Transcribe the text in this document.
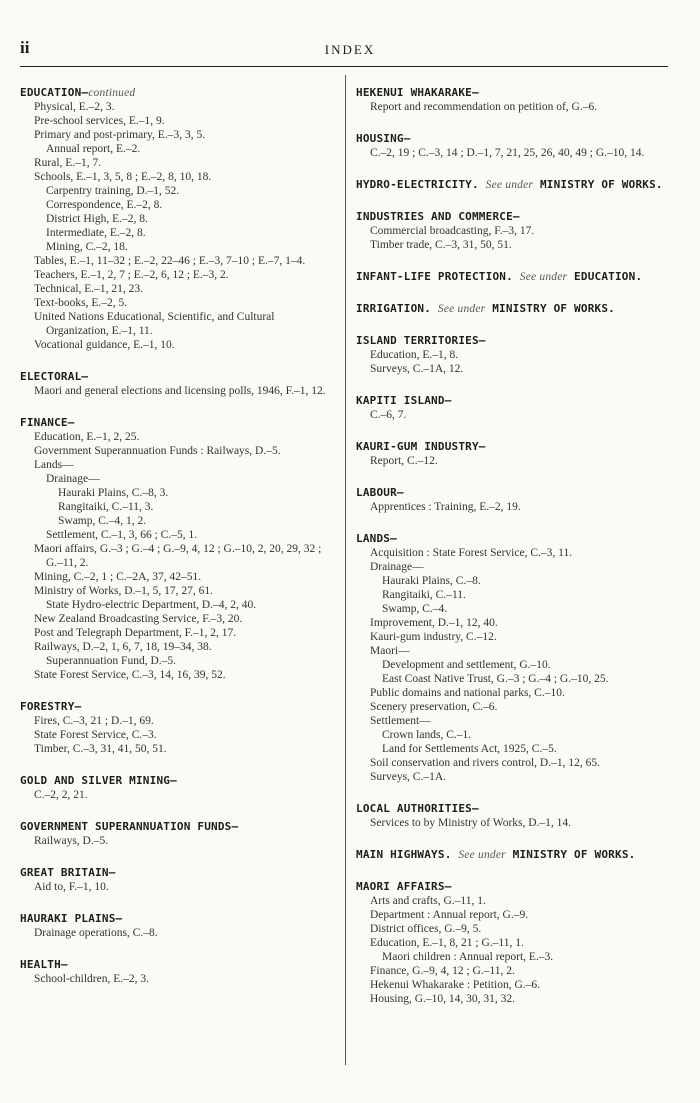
ii	INDEX
EDUCATION—continued
Physical, E.–2, 3.
Pre-school services, E.–1, 9.
Primary and post-primary, E.–3, 3, 5.
Annual report, E.–2.
Rural, E.–1, 7.
Schools, E.–1, 3, 5, 8 ; E.–2, 8, 10, 18.
Carpentry training, D.–1, 52.
Correspondence, E.–2, 8.
District High, E.–2, 8.
Intermediate, E.–2, 8.
Mining, C.–2, 18.
Tables, E.–1, 11–32 ; E.–2, 22–46 ; E.–3, 7–10 ; E.–7, 1–4.
Teachers, E.–1, 2, 7 ; E.–2, 6, 12 ; E.–3, 2.
Technical, E.–1, 21, 23.
Text-books, E.–2, 5.
United Nations Educational, Scientific, and Cultural Organization, E.–1, 11.
Vocational guidance, E.–1, 10.
ELECTORAL—
Maori and general elections and licensing polls, 1946, F.–1, 12.
FINANCE—
Education, E.–1, 2, 25.
Government Superannuation Funds : Railways, D.–5.
Lands—
Drainage—
Hauraki Plains, C.–8, 3.
Rangitaiki, C.–11, 3.
Swamp, C.–4, 1, 2.
Settlement, C.–1, 3, 66 ; C.–5, 1.
Maori affairs, G.–3 ; G.–4 ; G.–9, 4, 12 ; G.–10, 2, 20, 29, 32 ; G.–11, 2.
Mining, C.–2, 1 ; C.–2A, 37, 42–51.
Ministry of Works, D.–1, 5, 17, 27, 61.
State Hydro-electric Department, D.–4, 2, 40.
New Zealand Broadcasting Service, F.–3, 20.
Post and Telegraph Department, F.–1, 2, 17.
Railways, D.–2, 1, 6, 7, 18, 19–34, 38.
Superannuation Fund, D.–5.
State Forest Service, C.–3, 14, 16, 39, 52.
FORESTRY—
Fires, C.–3, 21 ; D.–1, 69.
State Forest Service, C.–3.
Timber, C.–3, 31, 41, 50, 51.
GOLD AND SILVER MINING—
C.–2, 2, 21.
GOVERNMENT SUPERANNUATION FUNDS—
Railways, D.–5.
GREAT BRITAIN—
Aid to, F.–1, 10.
HAURAKI PLAINS—
Drainage operations, C.–8.
HEALTH—
School-children, E.–2, 3.
HEKENUI WHAKARAKE—
Report and recommendation on petition of, G.–6.
HOUSING—
C.–2, 19 ; C.–3, 14 ; D.–1, 7, 21, 25, 26, 40, 49 ; G.–10, 14.
HYDRO-ELECTRICITY. See under MINISTRY OF WORKS.
INDUSTRIES AND COMMERCE—
Commercial broadcasting, F.–3, 17.
Timber trade, C.–3, 31, 50, 51.
INFANT-LIFE PROTECTION. See under EDUCATION.
IRRIGATION. See under MINISTRY OF WORKS.
ISLAND TERRITORIES—
Education, E.–1, 8.
Surveys, C.–1A, 12.
KAPITI ISLAND—
C.–6, 7.
KAURI-GUM INDUSTRY—
Report, C.–12.
LABOUR—
Apprentices : Training, E.–2, 19.
LANDS—
Acquisition : State Forest Service, C.–3, 11.
Drainage—
Hauraki Plains, C.–8.
Rangitaiki, C.–11.
Swamp, C.–4.
Improvement, D.–1, 12, 40.
Kauri-gum industry, C.–12.
Maori—
Development and settlement, G.–10.
East Coast Native Trust, G.–3 ; G.–4 ; G.–10, 25.
Public domains and national parks, C.–10.
Scenery preservation, C.–6.
Settlement—
Crown lands, C.–1.
Land for Settlements Act, 1925, C.–5.
Soil conservation and rivers control, D.–1, 12, 65.
Surveys, C.–1A.
LOCAL AUTHORITIES—
Services to by Ministry of Works, D.–1, 14.
MAIN HIGHWAYS. See under MINISTRY OF WORKS.
MAORI AFFAIRS—
Arts and crafts, G.–11, 1.
Department : Annual report, G.–9.
District offices, G.–9, 5.
Education, E.–1, 8, 21 ; G.–11, 1.
Maori children : Annual report, E.–3.
Finance, G.–9, 4, 12 ; G.–11, 2.
Hekenui Whakarake : Petition, G.–6.
Housing, G.–10, 14, 30, 31, 32.
